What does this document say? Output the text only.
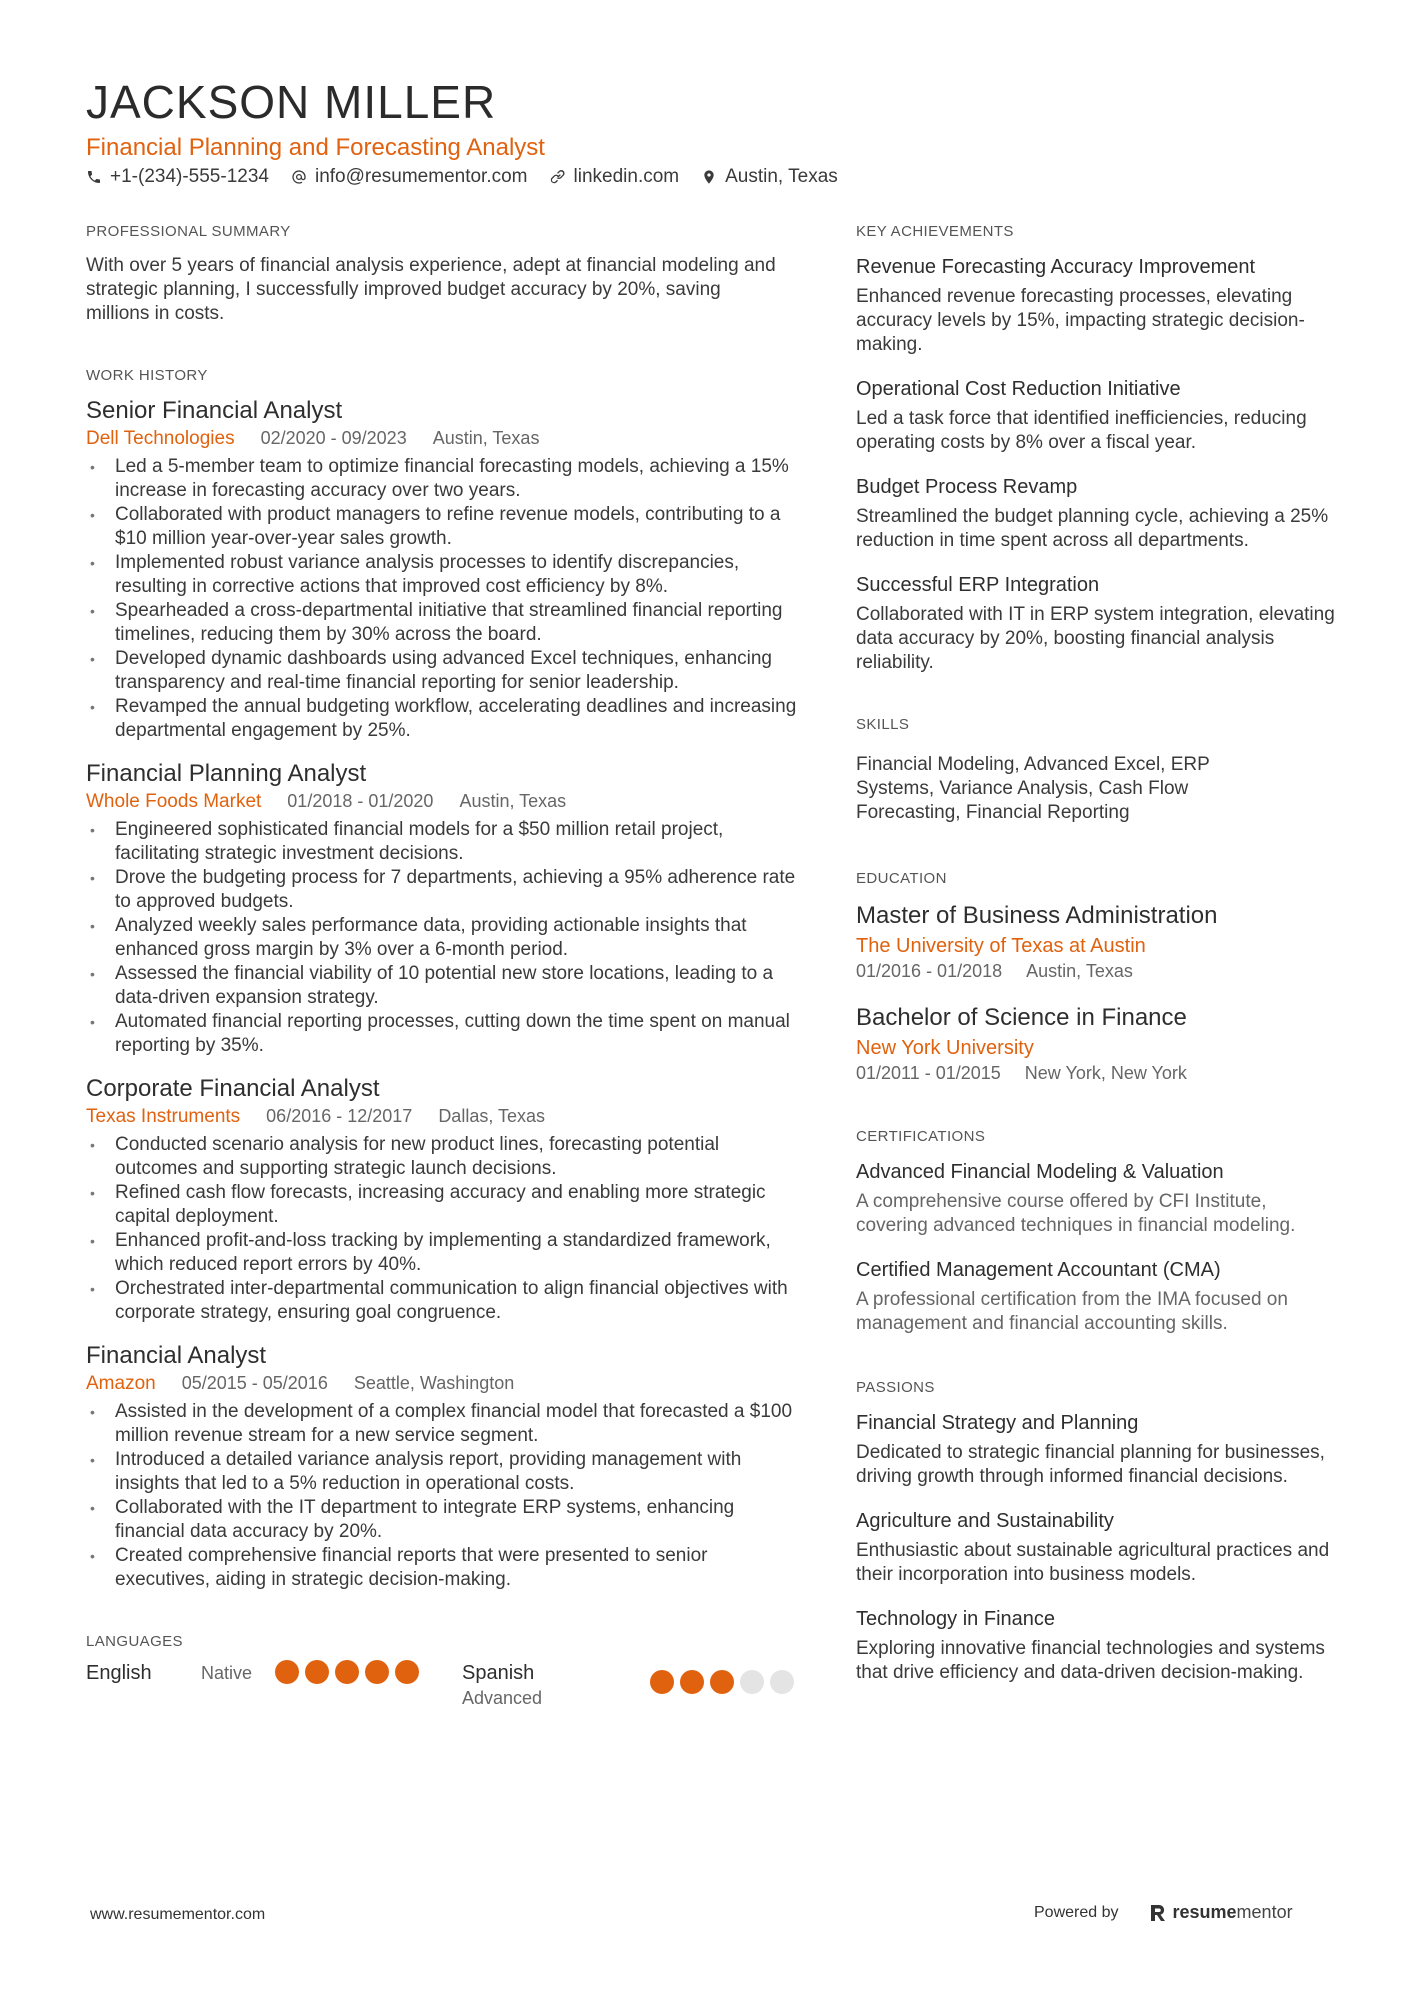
JACKSON MILLER
Financial Planning and Forecasting Analyst
+1-(234)-555-1234 info@resumementor.com linkedin.com Austin, Texas
PROFESSIONAL SUMMARY
With over 5 years of financial analysis experience, adept at financial modeling and strategic planning, I successfully improved budget accuracy by 20%, saving millions in costs.
WORK HISTORY
Senior Financial Analyst
Dell Technologies 02/2020 - 09/2023 Austin, Texas
• Led a 5-member team to optimize financial forecasting models, achieving a 15% increase in forecasting accuracy over two years.
• Collaborated with product managers to refine revenue models, contributing to a $10 million year-over-year sales growth.
• Implemented robust variance analysis processes to identify discrepancies, resulting in corrective actions that improved cost efficiency by 8%.
• Spearheaded a cross-departmental initiative that streamlined financial reporting timelines, reducing them by 30% across the board.
• Developed dynamic dashboards using advanced Excel techniques, enhancing transparency and real-time financial reporting for senior leadership.
• Revamped the annual budgeting workflow, accelerating deadlines and increasing departmental engagement by 25%.
Financial Planning Analyst
Whole Foods Market 01/2018 - 01/2020 Austin, Texas
• Engineered sophisticated financial models for a $50 million retail project, facilitating strategic investment decisions.
• Drove the budgeting process for 7 departments, achieving a 95% adherence rate to approved budgets.
• Analyzed weekly sales performance data, providing actionable insights that enhanced gross margin by 3% over a 6-month period.
• Assessed the financial viability of 10 potential new store locations, leading to a data-driven expansion strategy.
• Automated financial reporting processes, cutting down the time spent on manual reporting by 35%.
Corporate Financial Analyst
Texas Instruments 06/2016 - 12/2017 Dallas, Texas
• Conducted scenario analysis for new product lines, forecasting potential outcomes and supporting strategic launch decisions.
• Refined cash flow forecasts, increasing accuracy and enabling more strategic capital deployment.
• Enhanced profit-and-loss tracking by implementing a standardized framework, which reduced report errors by 40%.
• Orchestrated inter-departmental communication to align financial objectives with corporate strategy, ensuring goal congruence.
Financial Analyst
Amazon 05/2015 - 05/2016 Seattle, Washington
• Assisted in the development of a complex financial model that forecasted a $100 million revenue stream for a new service segment.
• Introduced a detailed variance analysis report, providing management with insights that led to a 5% reduction in operational costs.
• Collaborated with the IT department to integrate ERP systems, enhancing financial data accuracy by 20%.
• Created comprehensive financial reports that were presented to senior executives, aiding in strategic decision-making.
LANGUAGES
English	Native	Spanish
Advanced
KEY ACHIEVEMENTS
Revenue Forecasting Accuracy Improvement
Enhanced revenue forecasting processes, elevating accuracy levels by 15%, impacting strategic decision-making.
Operational Cost Reduction Initiative
Led a task force that identified inefficiencies, reducing operating costs by 8% over a fiscal year.
Budget Process Revamp
Streamlined the budget planning cycle, achieving a 25% reduction in time spent across all departments.
Successful ERP Integration
Collaborated with IT in ERP system integration, elevating data accuracy by 20%, boosting financial analysis reliability.
SKILLS
Financial Modeling, Advanced Excel, ERP Systems, Variance Analysis, Cash Flow Forecasting, Financial Reporting
EDUCATION
Master of Business Administration
The University of Texas at Austin
01/2016 - 01/2018 Austin, Texas
Bachelor of Science in Finance
New York University
01/2011 - 01/2015 New York, New York
CERTIFICATIONS
Advanced Financial Modeling & Valuation
A comprehensive course offered by CFI Institute, covering advanced techniques in financial modeling.
Certified Management Accountant (CMA)
A professional certification from the IMA focused on management and financial accounting skills.
PASSIONS
Financial Strategy and Planning
Dedicated to strategic financial planning for businesses, driving growth through informed financial decisions.
Agriculture and Sustainability
Enthusiastic about sustainable agricultural practices and their incorporation into business models.
Technology in Finance
Exploring innovative financial technologies and systems that drive efficiency and data-driven decision-making.
www.resumementor.com	Powered by	resumementor
